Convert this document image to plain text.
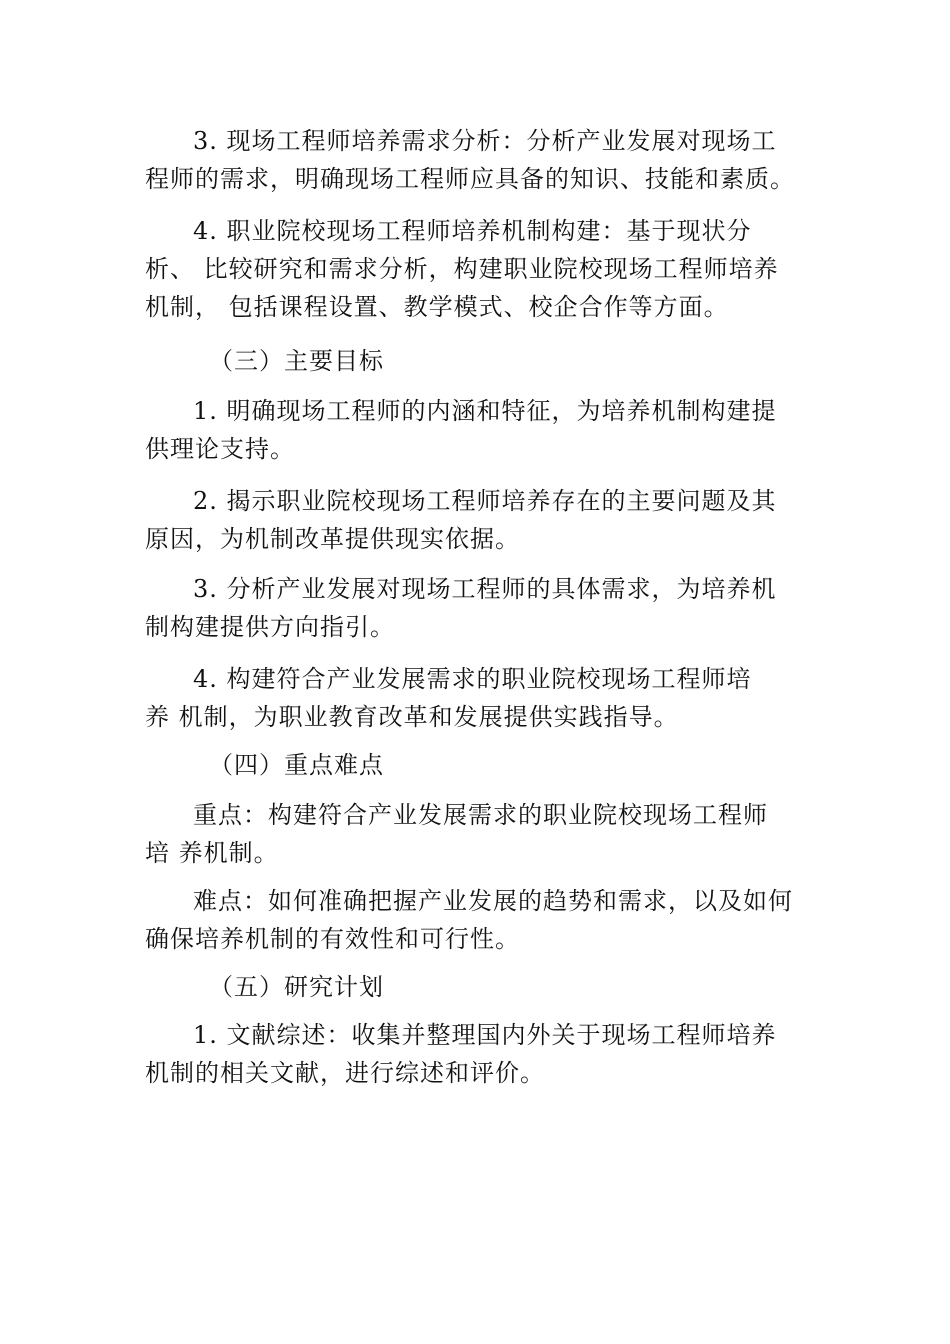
3. 现场工程师培养需求分析：分析产业发展对现场工
程师的需求，明确现场工程师应具备的知识、技能和素质。

4. 职业院校现场工程师培养机制构建：基于现状分
析、 比较研究和需求分析，构建职业院校现场工程师培养
机制， 包括课程设置、教学模式、校企合作等方面。

（三）主要目标

1. 明确现场工程师的内涵和特征，为培养机制构建提
供理论支持。

2. 揭示职业院校现场工程师培养存在的主要问题及其
原因，为机制改革提供现实依据。

3. 分析产业发展对现场工程师的具体需求，为培养机
制构建提供方向指引。

4. 构建符合产业发展需求的职业院校现场工程师培
养 机制，为职业教育改革和发展提供实践指导。

（四）重点难点

重点：构建符合产业发展需求的职业院校现场工程师
培 养机制。

难点：如何准确把握产业发展的趋势和需求，以及如何
确保培养机制的有效性和可行性。

（五）研究计划

1. 文献综述：收集并整理国内外关于现场工程师培养
机制的相关文献，进行综述和评价。
